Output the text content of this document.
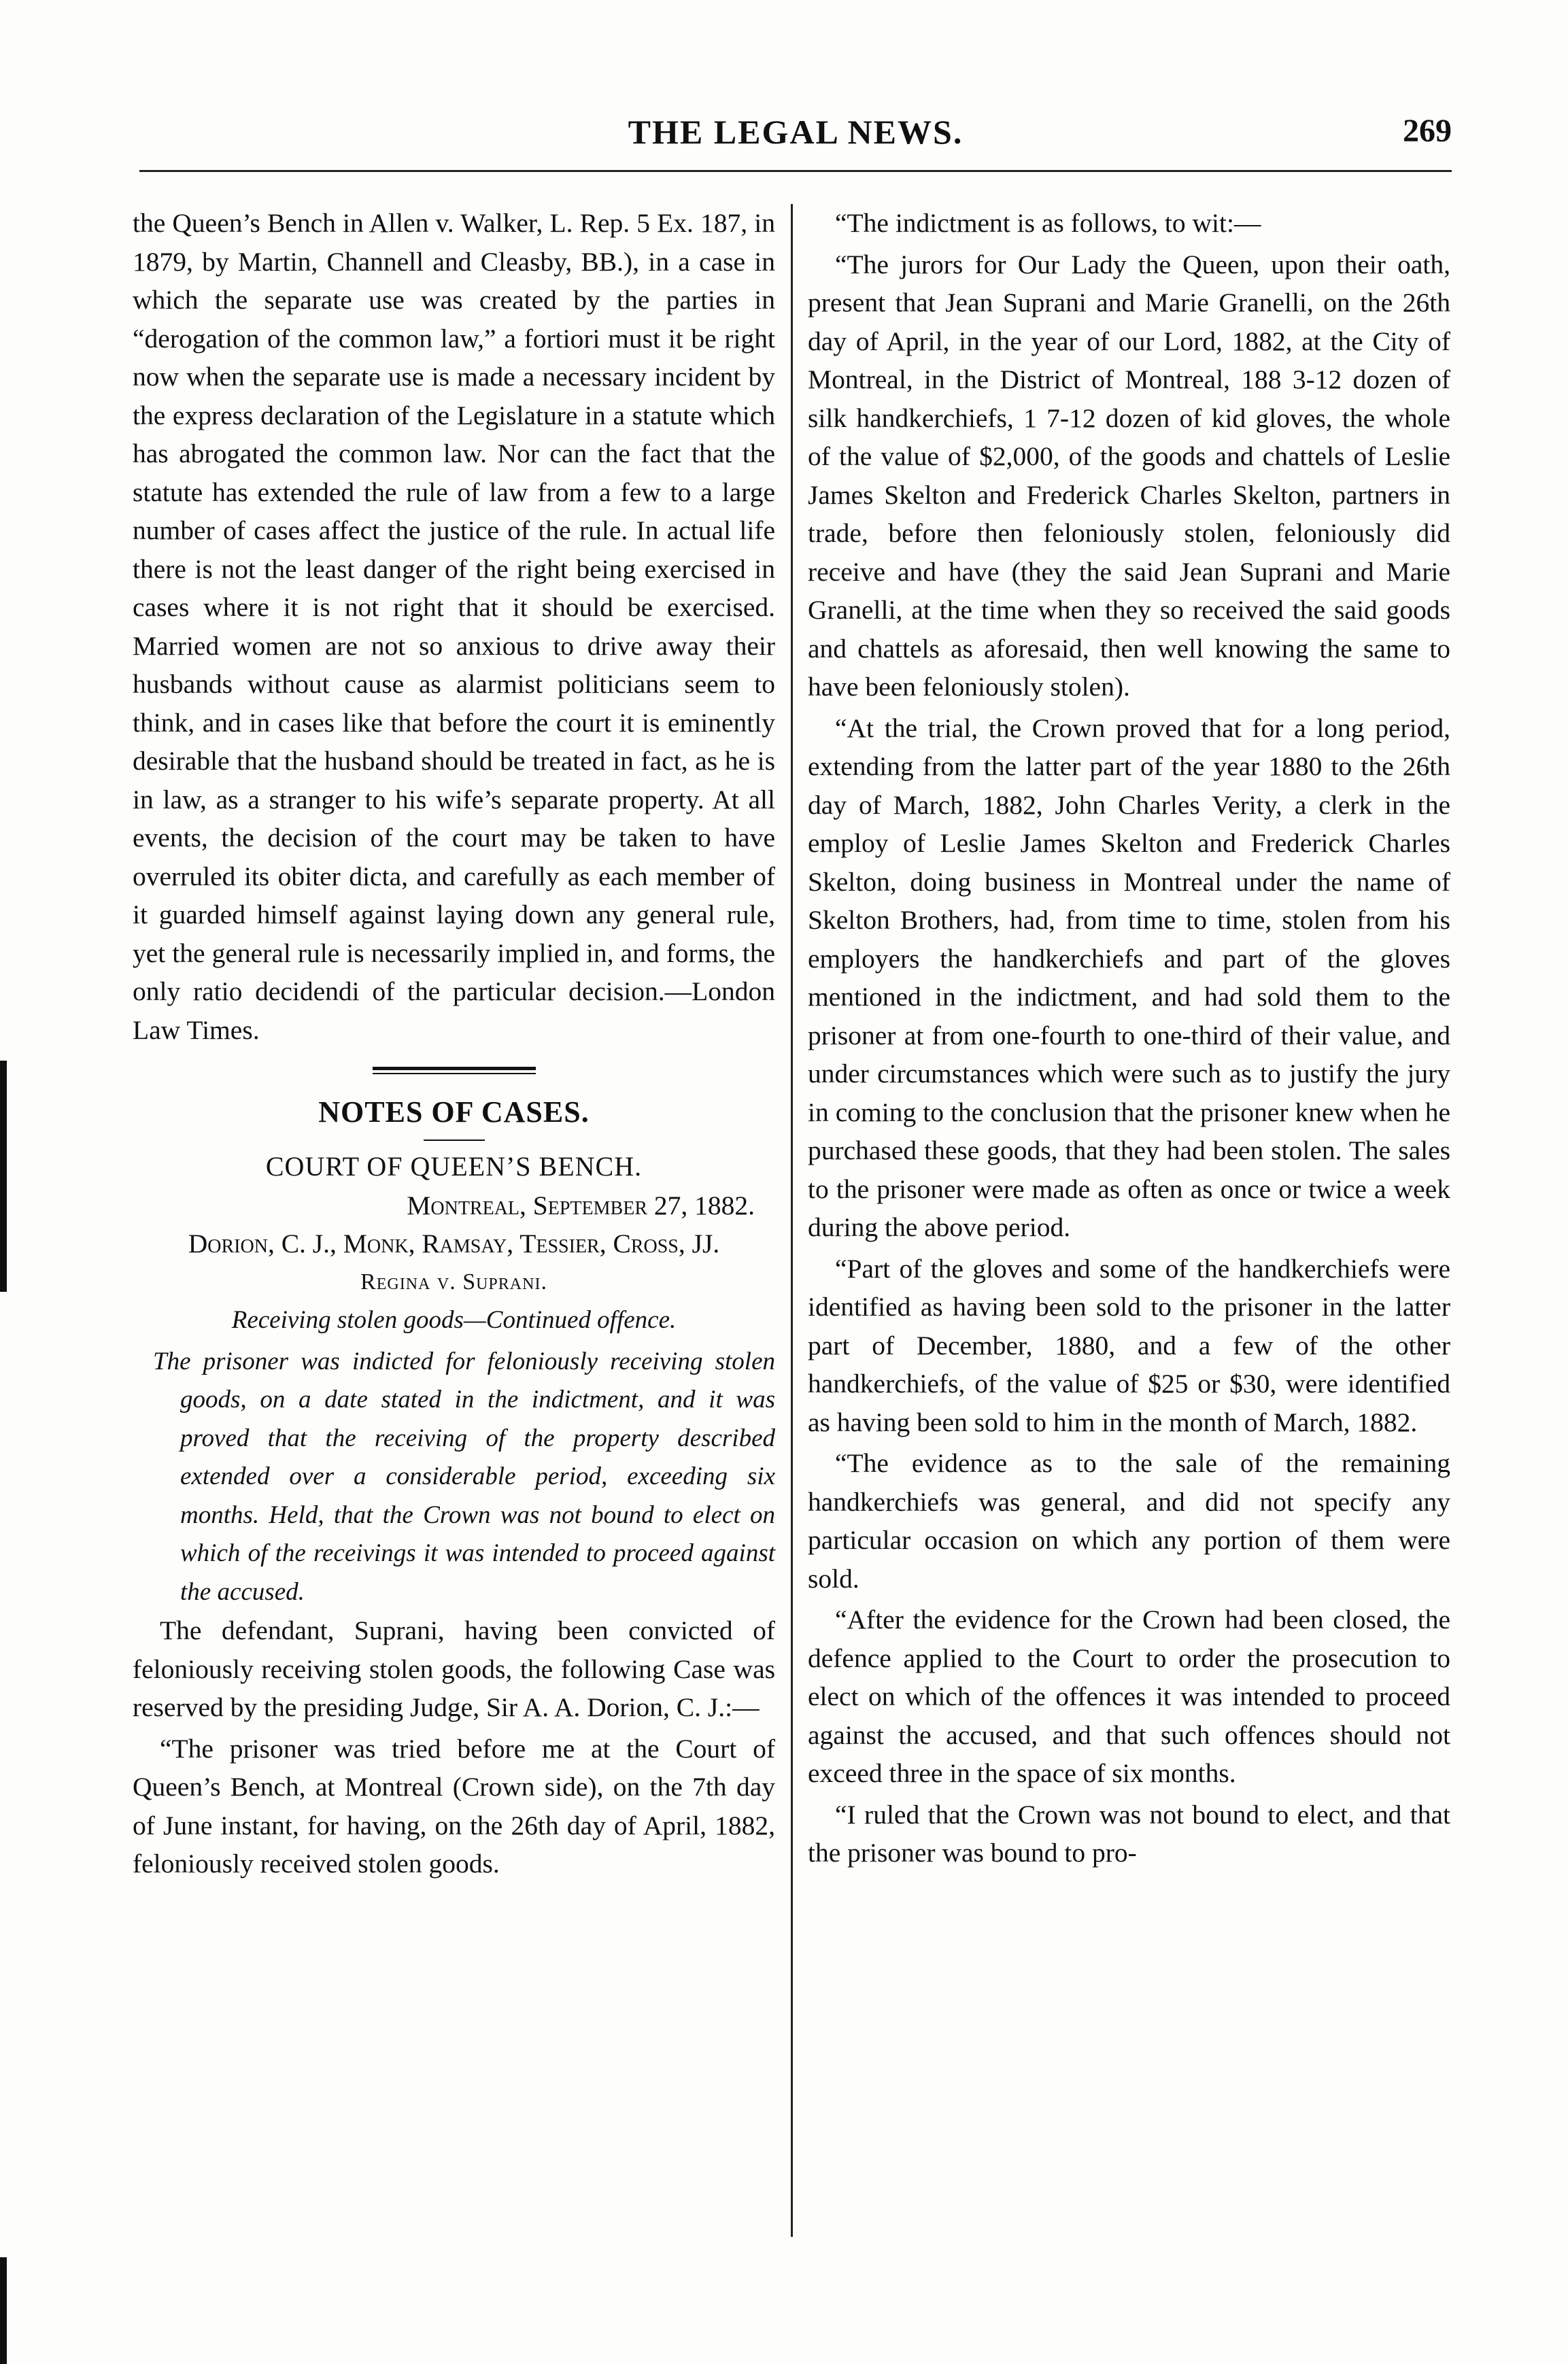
THE LEGAL NEWS.	269

the Queen’s Bench in Allen v. Walker, L. Rep. 5 Ex. 187, in 1879, by Martin, Channell and Cleasby, BB.), in a case in which the separate use was created by the parties in “derogation of the common law,” a fortiori must it be right now when the separate use is made a necessary incident by the express declaration of the Legislature in a statute which has abrogated the common law. Nor can the fact that the statute has extended the rule of law from a few to a large number of cases affect the justice of the rule. In actual life there is not the least danger of the right being exercised in cases where it is not right that it should be exercised. Married women are not so anxious to drive away their husbands without cause as alarmist politicians seem to think, and in cases like that before the court it is eminently desirable that the husband should be treated in fact, as he is in law, as a stranger to his wife’s separate property. At all events, the decision of the court may be taken to have overruled its obiter dicta, and carefully as each member of it guarded himself against laying down any general rule, yet the general rule is necessarily implied in, and forms, the only ratio decidendi of the particular decision.—London Law Times.

NOTES OF CASES.
COURT OF QUEEN’S BENCH.
Montreal, September 27, 1882.
Dorion, C. J., Monk, Ramsay, Tessier, Cross, JJ.
Regina v. Suprani.
Receiving stolen goods—Continued offence.
The prisoner was indicted for feloniously receiving stolen goods, on a date stated in the indictment, and it was proved that the receiving of the property described extended over a considerable period, exceeding six months. Held, that the Crown was not bound to elect on which of the receivings it was intended to proceed against the accused.

The defendant, Suprani, having been convicted of feloniously receiving stolen goods, the following Case was reserved by the presiding Judge, Sir A. A. Dorion, C. J.:—

“The prisoner was tried before me at the Court of Queen’s Bench, at Montreal (Crown side), on the 7th day of June instant, for having, on the 26th day of April, 1882, feloniously received stolen goods.

“The indictment is as follows, to wit:—

“The jurors for Our Lady the Queen, upon their oath, present that Jean Suprani and Marie Granelli, on the 26th day of April, in the year of our Lord, 1882, at the City of Montreal, in the District of Montreal, 188 3-12 dozen of silk handkerchiefs, 1 7-12 dozen of kid gloves, the whole of the value of $2,000, of the goods and chattels of Leslie James Skelton and Frederick Charles Skelton, partners in trade, before then feloniously stolen, feloniously did receive and have (they the said Jean Suprani and Marie Granelli, at the time when they so received the said goods and chattels as aforesaid, then well knowing the same to have been feloniously stolen).

“At the trial, the Crown proved that for a long period, extending from the latter part of the year 1880 to the 26th day of March, 1882, John Charles Verity, a clerk in the employ of Leslie James Skelton and Frederick Charles Skelton, doing business in Montreal under the name of Skelton Brothers, had, from time to time, stolen from his employers the handkerchiefs and part of the gloves mentioned in the indictment, and had sold them to the prisoner at from one-fourth to one-third of their value, and under circumstances which were such as to justify the jury in coming to the conclusion that the prisoner knew when he purchased these goods, that they had been stolen. The sales to the prisoner were made as often as once or twice a week during the above period.

“Part of the gloves and some of the handkerchiefs were identified as having been sold to the prisoner in the latter part of December, 1880, and a few of the other handkerchiefs, of the value of $25 or $30, were identified as having been sold to him in the month of March, 1882.

“The evidence as to the sale of the remaining handkerchiefs was general, and did not specify any particular occasion on which any portion of them were sold.

“After the evidence for the Crown had been closed, the defence applied to the Court to order the prosecution to elect on which of the offences it was intended to proceed against the accused, and that such offences should not exceed three in the space of six months.

“I ruled that the Crown was not bound to elect, and that the prisoner was bound to pro-
